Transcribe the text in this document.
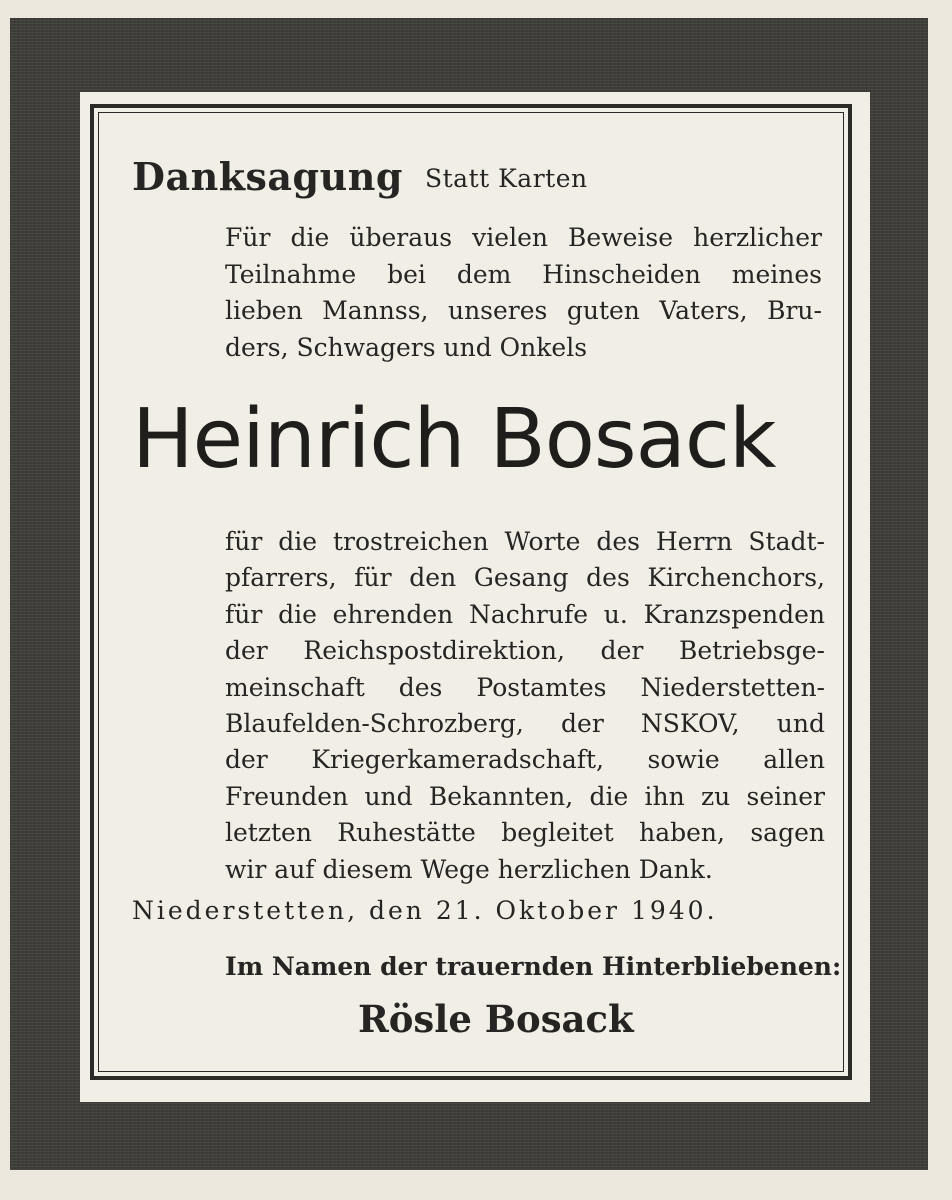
Danksagung Statt Karten

Für die überaus vielen Beweise herzlicher
Teilnahme bei dem Hinscheiden meines
lieben Mannss, unseres guten Vaters, Bru-
ders, Schwagers und Onkels

Heinrich Bosack

für die trostreichen Worte des Herrn Stadt-
pfarrers, für den Gesang des Kirchenchors,
für die ehrenden Nachrufe u. Kranzspenden
der Reichspostdirektion, der Betriebsge-
meinschaft des Postamtes Niederstetten-
Blaufelden-Schrozberg, der NSKOV, und
der Kriegerkameradschaft, sowie allen
Freunden und Bekannten, die ihn zu seiner
letzten Ruhestätte begleitet haben, sagen
wir auf diesem Wege herzlichen Dank.

Niederstetten, den 21. Oktober 1940.
Im Namen der trauernden Hinterbliebenen:
Rösle Bosack
